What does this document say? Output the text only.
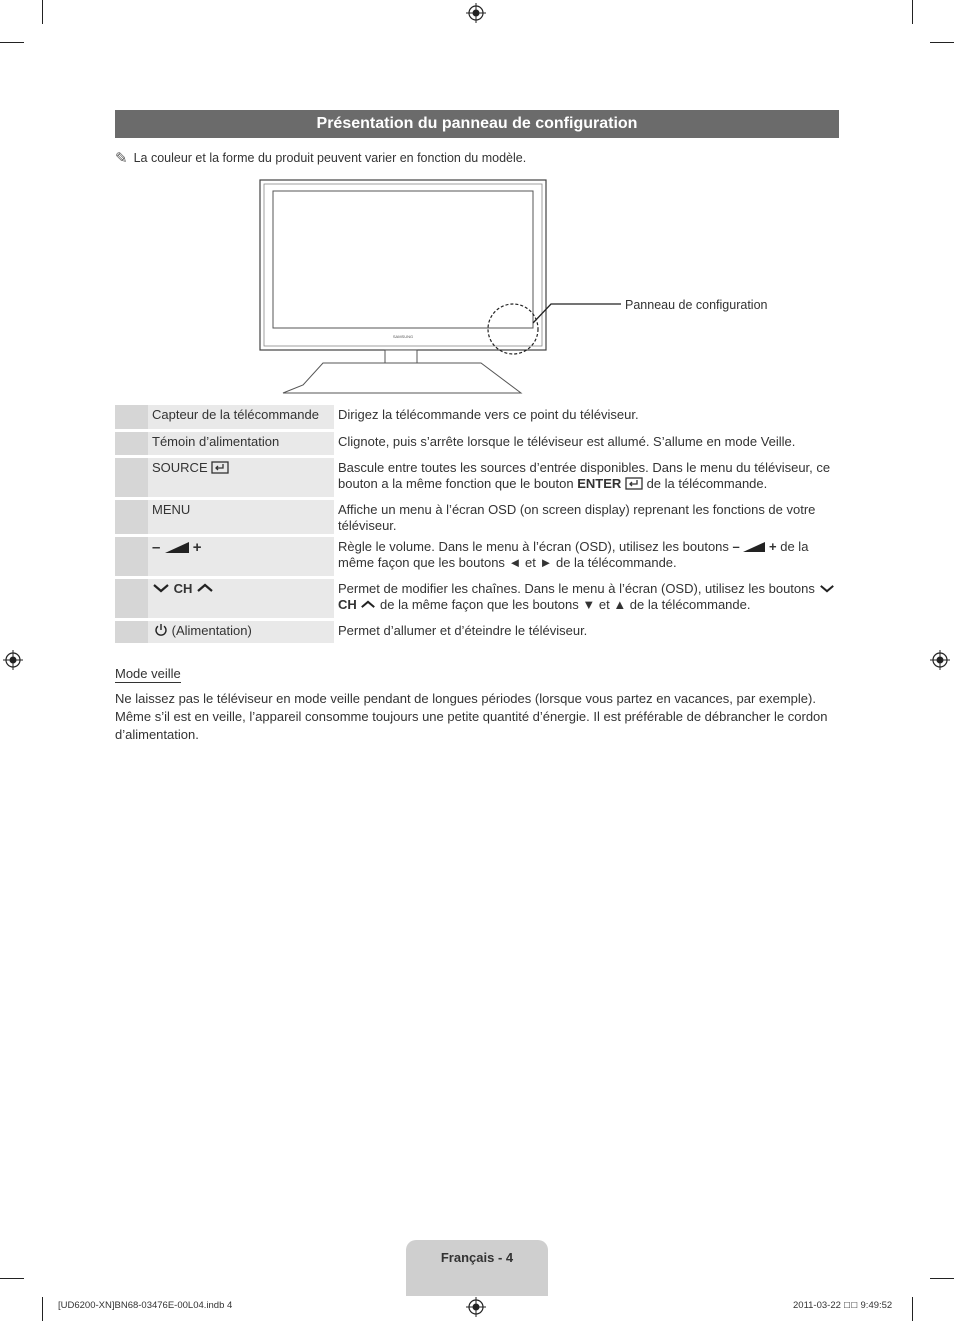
Présentation du panneau de configuration
✎ La couleur et la forme du produit peuvent varier en fonction du modèle.
SAMSUNG
Panneau de configuration
Capteur de la télécommande	Dirigez la télécommande vers ce point du téléviseur.
Témoin d’alimentation	Clignote, puis s’arrête lorsque le téléviseur est allumé. S’allume en mode Veille.
SOURCE	Bascule entre toutes les sources d’entrée disponibles. Dans le menu du téléviseur, ce bouton a la même fonction que le bouton ENTER de la télécommande.
MENU	Affiche un menu à l’écran OSD (on screen display) reprenant les fonctions de votre téléviseur.
– +	Règle le volume. Dans le menu à l’écran (OSD), utilisez les boutons – + de la même façon que les boutons ◄ et ► de la télécommande.
CH	Permet de modifier les chaînes. Dans le menu à l’écran (OSD), utilisez les boutons  CH de la même façon que les boutons ▼ et ▲ de la télécommande.
(Alimentation)	Permet d’allumer et d’éteindre le téléviseur.
Mode veille
Ne laissez pas le téléviseur en mode veille pendant de longues périodes (lorsque vous partez en vacances, par exemple). Même s’il est en veille, l’appareil consomme toujours une petite quantité d’énergie. Il est préférable de débrancher le cordon d’alimentation.
Français - 4
[UD6200-XN]BN68-03476E-00L04.indb 4	2011-03-22 ☐☐ 9:49:52
